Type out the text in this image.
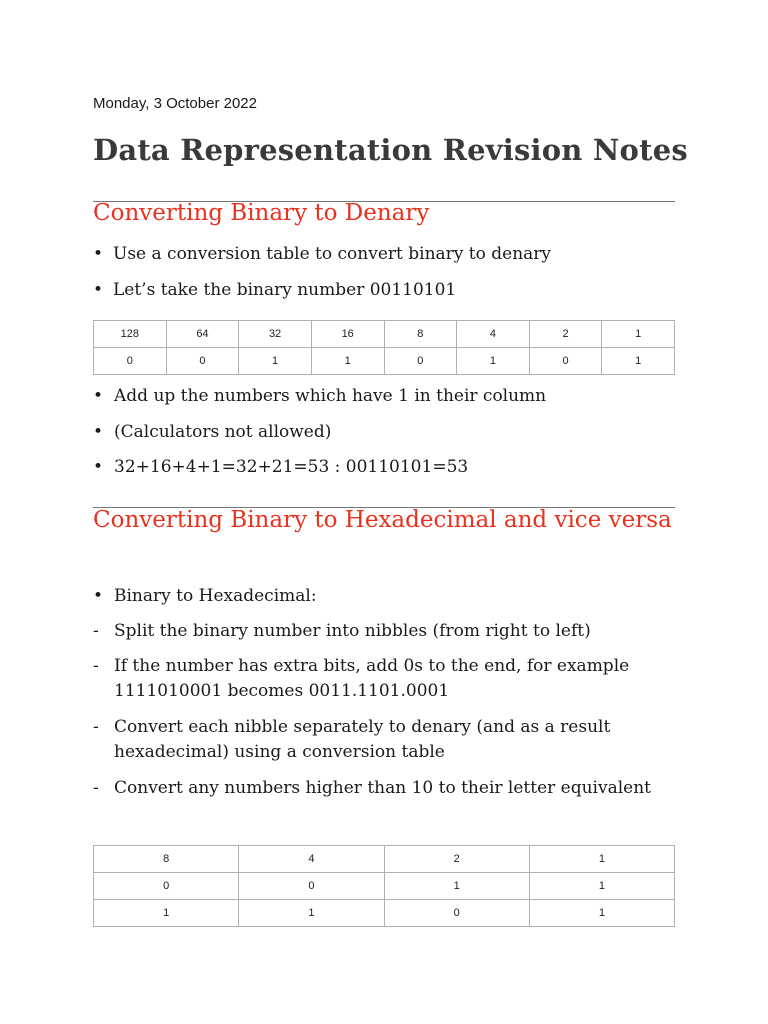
Monday, 3 October 2022
Data Representation Revision Notes
Converting Binary to Denary
• Use a conversion table to convert binary to denary
• Let’s take the binary number 00110101
128	64	32	16	8	4	2	1
0	0	1	1	0	1	0	1
• Add up the numbers which have 1 in their column
• (Calculators not allowed)
• 32+16+4+1=32+21=53 : 00110101=53
Converting Binary to Hexadecimal and vice versa
• Binary to Hexadecimal:
- Split the binary number into nibbles (from right to left)
- If the number has extra bits, add 0s to the end, for example 1111010001 becomes 0011.1101.0001
- Convert each nibble separately to denary (and as a result hexadecimal) using a conversion table
- Convert any numbers higher than 10 to their letter equivalent
8	4	2	1
0	0	1	1
1	1	0	1
